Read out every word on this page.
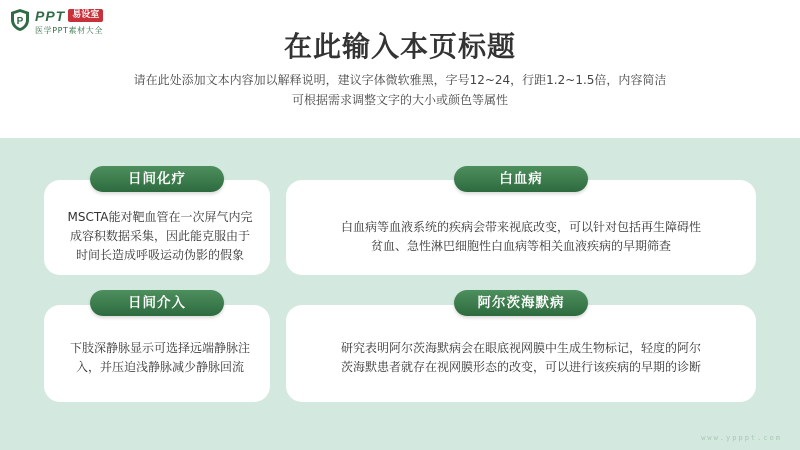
P PPT 易设室
医学PPT素材大全	在此输入本页标题
请在此处添加文本内容加以解释说明，建议字体微软雅黑，字号12~24，行距1.2~1.5倍，内容简洁
可根据需求调整文字的大小或颜色等属性
日间化疗
MSCTA能对靶血管在一次屏气内完
成容积数据采集，因此能克服由于
时间长造成呼吸运动伪影的假象
白血病
白血病等血液系统的疾病会带来视底改变，可以针对包括再生障碍性
贫血、急性淋巴细胞性白血病等相关血液疾病的早期筛查
日间介入
下肢深静脉显示可选择远端静脉注
入，并压迫浅静脉减少静脉回流
阿尔茨海默病
研究表明阿尔茨海默病会在眼底视网膜中生成生物标记，轻度的阿尔
茨海默患者就存在视网膜形态的改变，可以进行该疾病的早期的诊断
www.ypppt.com
